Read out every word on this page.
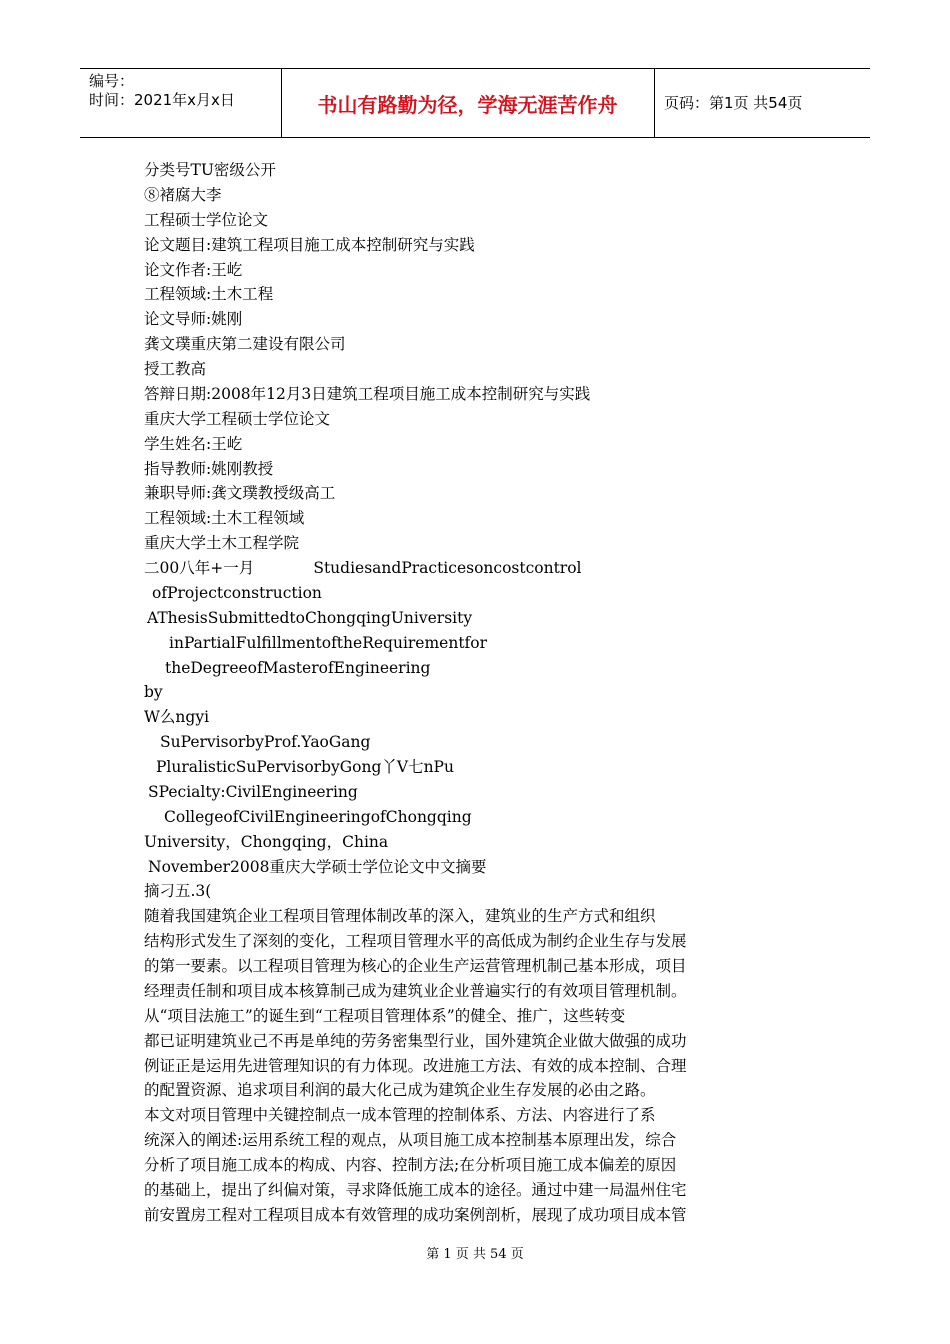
编号：
时间：2021年x月x日	书山有路勤为径，学海无涯苦作舟	页码：第1页 共54页
分类号TU密级公开
⑧褚腐大李
工程硕士学位论文
论文题目:建筑工程项目施工成本控制研究与实践
论文作者:王屹
工程领域:土木工程
论文导师:姚刚
龚文璞重庆第二建设有限公司
授工教高
答辩日期:2008年12月3日建筑工程项目施工成本控制研究与实践
重庆大学工程硕士学位论文
学生姓名:王屹
指导教师:姚刚教授
兼职导师:龚文璞教授级高工
工程领域:土木工程领域
重庆大学土木工程学院
二00八年+一月            StudiesandPracticesoncostcontrol
ofProjectconstruction
AThesisSubmittedtoChongqingUniversity
inPartialFulfillmentoftheRequirementfor
theDegreeofMasterofEngineering
by
W么ngyi
SuPervisorbyProf.YaoGang
PluralisticSuPervisorbyGong丫V七nPu
SPecialty:CivilEngineering
CollegeofCivilEngineeringofChongqing
University，Chongqing，China
November2008重庆大学硕士学位论文中文摘要
摘刁五.3(
随着我国建筑企业工程项目管理体制改革的深入，建筑业的生产方式和组织
结构形式发生了深刻的变化，工程项目管理水平的高低成为制约企业生存与发展
的第一要素。以工程项目管理为核心的企业生产运营管理机制己基本形成，项目
经理责任制和项目成本核算制己成为建筑业企业普遍实行的有效项目管理机制。
从“项目法施工”的诞生到“工程项目管理体系”的健全、推广，这些转变
都已证明建筑业己不再是单纯的劳务密集型行业，国外建筑企业做大做强的成功
例证正是运用先进管理知识的有力体现。改进施工方法、有效的成本控制、合理
的配置资源、追求项目利润的最大化己成为建筑企业生存发展的必由之路。
本文对项目管理中关键控制点一成本管理的控制体系、方法、内容进行了系
统深入的阐述:运用系统工程的观点，从项目施工成本控制基本原理出发，综合
分析了项目施工成本的构成、内容、控制方法;在分析项目施工成本偏差的原因
的基础上，提出了纠偏对策，寻求降低施工成本的途径。通过中建一局温州住宅
前安置房工程对工程项目成本有效管理的成功案例剖析，展现了成功项目成本管
第 1 页 共 54 页
